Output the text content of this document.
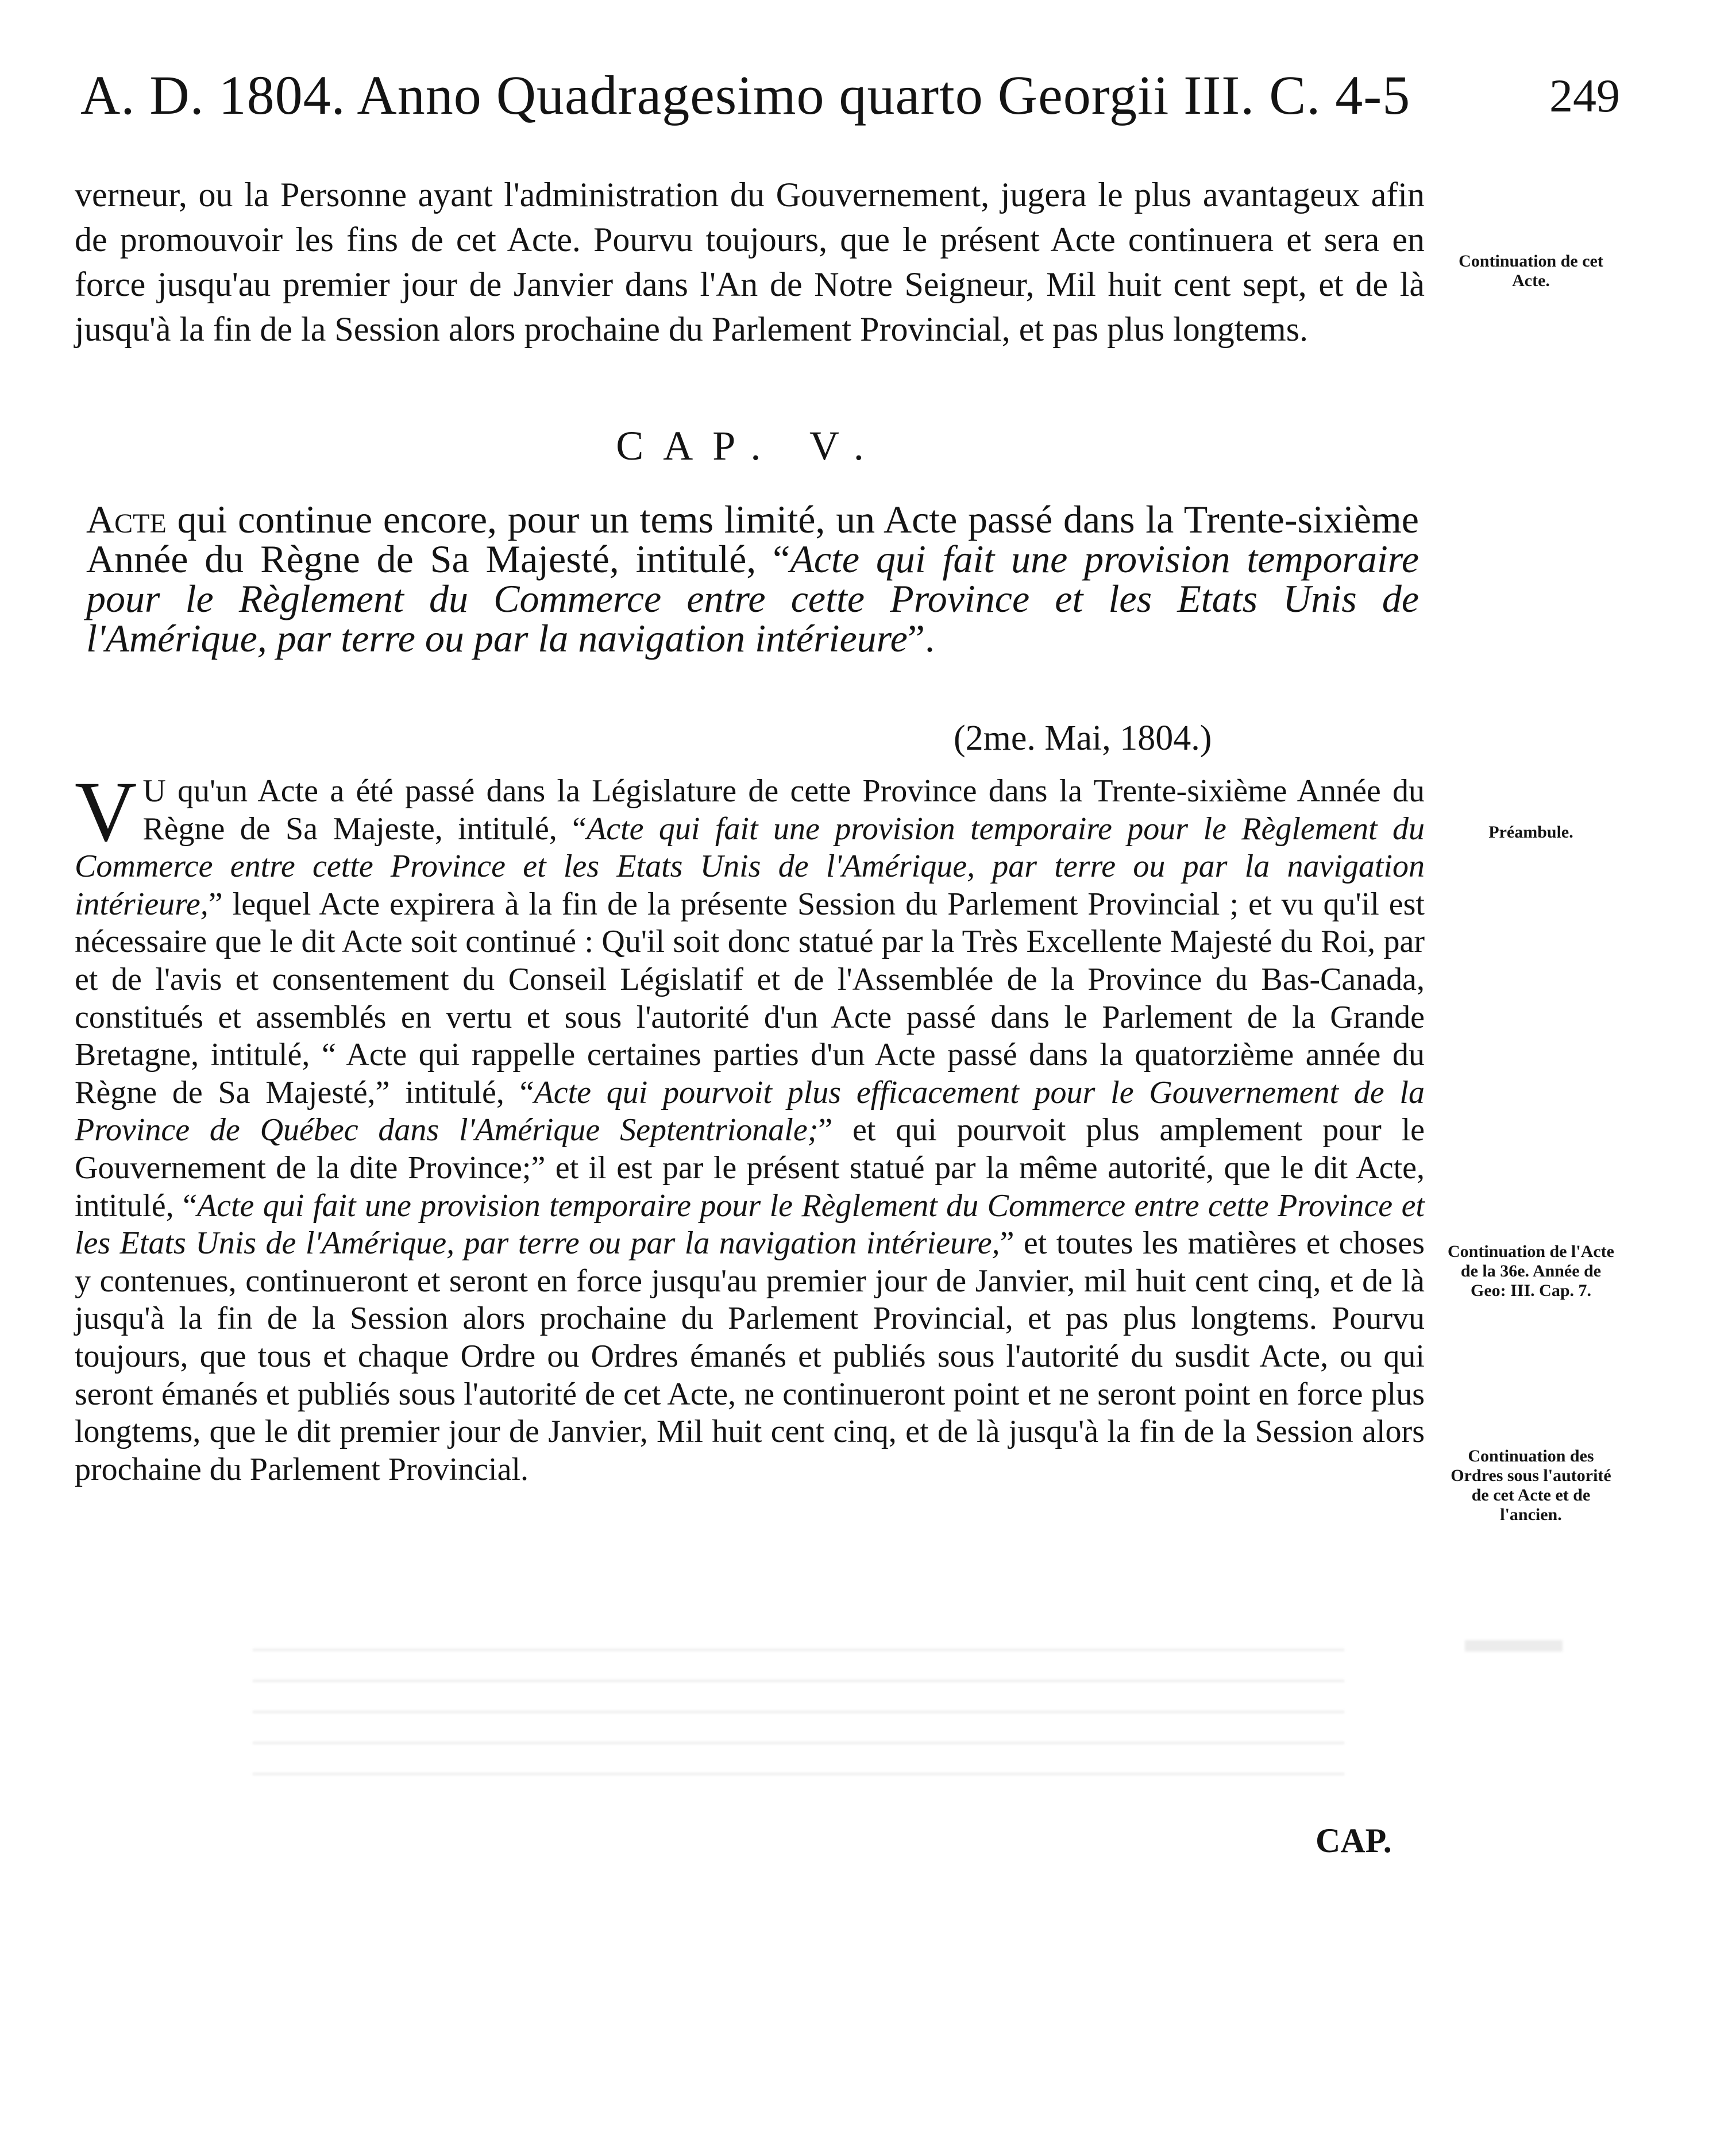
A. D. 1804. Anno Quadragesimo quarto Georgii III. C. 4-5	249

verneur, ou la Personne ayant l'administration du Gouvernement, jugera le plus avantageux afin de promouvoir les fins de cet Acte. Pourvu toujours, que le présent Acte continuera et sera en force jusqu'au premier jour de Janvier dans l'An de Notre Seigneur, Mil huit cent sept, et de là jusqu'à la fin de la Session alors prochaine du Parlement Provincial, et pas plus longtems.

Continuation de cet Acte.
CAP. V.

Acte qui continue encore, pour un tems limité, un Acte passé dans la Trente-sixième Année du Règne de Sa Majesté, intitulé, “Acte qui fait une provision temporaire pour le Règlement du Commerce entre cette Province et les Etats Unis de l'Amérique, par terre ou par la navigation intérieure”.

(2me. Mai, 1804.)
V U qu'un Acte a été passé dans la Législature de cette Province dans la Trente-sixième Année du Règne de Sa Majeste, intitulé, “Acte qui fait une provision temporaire pour le Règlement du Commerce entre cette Province et les Etats Unis de l'Amérique, par terre ou par la navigation intérieure,” lequel Acte expirera à la fin de la présente Session du Parlement Provincial ; et vu qu'il est nécessaire que le dit Acte soit continué : Qu'il soit donc statué par la Très Excellente Majesté du Roi, par et de l'avis et consentement du Conseil Législatif et de l'Assemblée de la Province du Bas-Canada, constitués et assemblés en vertu et sous l'autorité d'un Acte passé dans le Parlement de la Grande Bretagne, intitulé, “ Acte qui rappelle certaines parties d'un Acte passé dans la quatorzième année du Règne de Sa Majesté,” intitulé, “Acte qui pourvoit plus efficacement pour le Gouvernement de la Province de Québec dans l'Amérique Septentrionale;” et qui pourvoit plus amplement pour le Gouvernement de la dite Province;” et il est par le présent statué par la même autorité, que le dit Acte, intitulé, “Acte qui fait une provision temporaire pour le Règlement du Commerce entre cette Province et les Etats Unis de l'Amérique, par terre ou par la navigation intérieure,” et toutes les matières et choses y contenues, continueront et seront en force jusqu'au premier jour de Janvier, mil huit cent cinq, et de là jusqu'à la fin de la Session alors prochaine du Parlement Provincial, et pas plus longtems. Pourvu toujours, que tous et chaque Ordre ou Ordres émanés et publiés sous l'autorité du susdit Acte, ou qui seront émanés et publiés sous l'autorité de cet Acte, ne continueront point et ne seront point en force plus longtems, que le dit premier jour de Janvier, Mil huit cent cinq, et de là jusqu'à la fin de la Session alors prochaine du Parlement Provincial.
Préambule.
Continuation de l'Acte de la 36e. Année de Geo: III. Cap. 7.
Continuation des Ordres sous l'autorité de cet Acte et de l'ancien.
CAP.
